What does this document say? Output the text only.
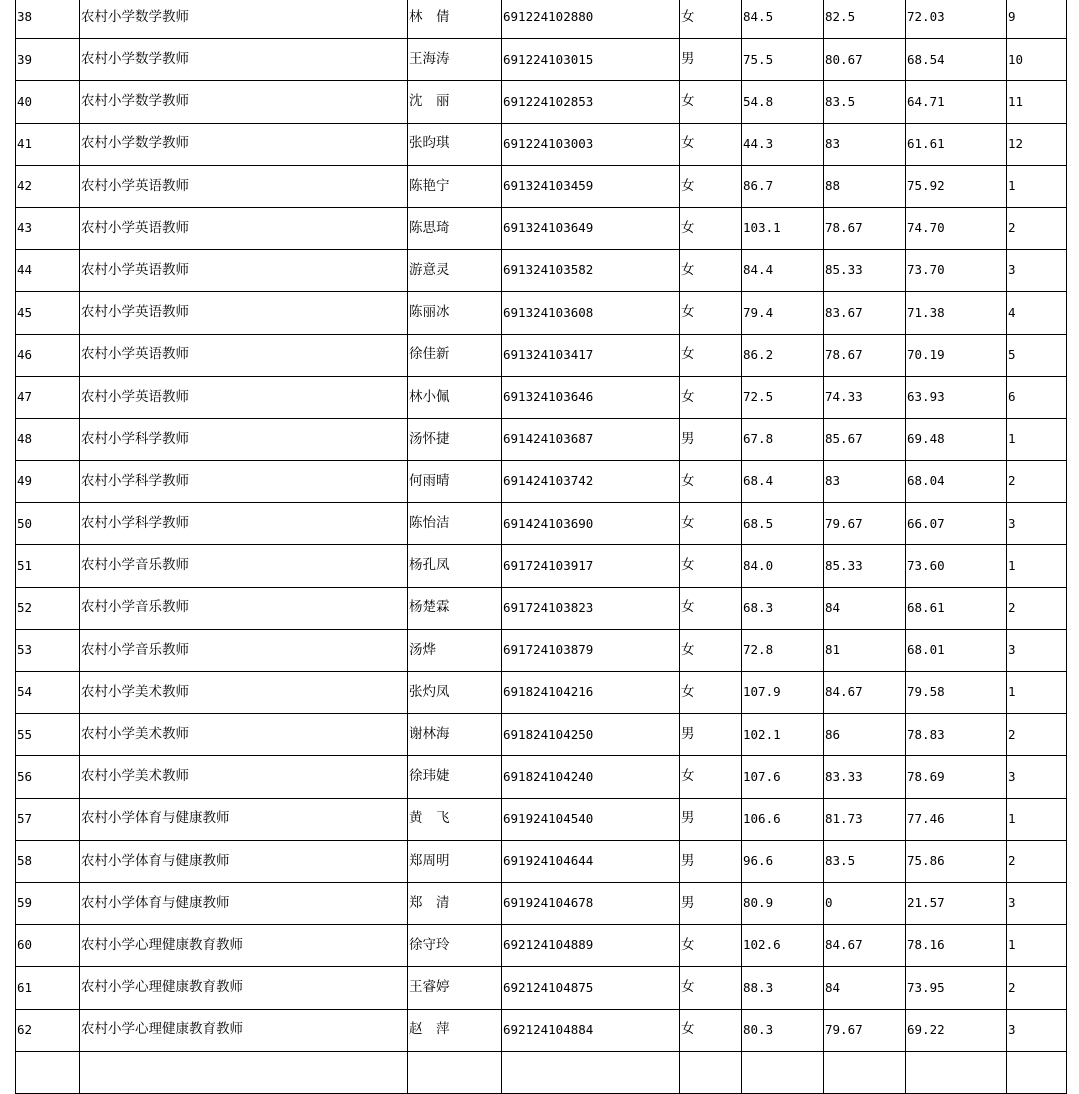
38	农村小学数学教师	林　倩	691224102880	女	84.5	82.5	72.03	9
39	农村小学数学教师	王海涛	691224103015	男	75.5	80.67	68.54	10
40	农村小学数学教师	沈　丽	691224102853	女	54.8	83.5	64.71	11
41	农村小学数学教师	张昀琪	691224103003	女	44.3	83	61.61	12
42	农村小学英语教师	陈艳宁	691324103459	女	86.7	88	75.92	1
43	农村小学英语教师	陈思琦	691324103649	女	103.1	78.67	74.70	2
44	农村小学英语教师	游意灵	691324103582	女	84.4	85.33	73.70	3
45	农村小学英语教师	陈丽冰	691324103608	女	79.4	83.67	71.38	4
46	农村小学英语教师	徐佳新	691324103417	女	86.2	78.67	70.19	5
47	农村小学英语教师	林小佩	691324103646	女	72.5	74.33	63.93	6
48	农村小学科学教师	汤怀捷	691424103687	男	67.8	85.67	69.48	1
49	农村小学科学教师	何雨晴	691424103742	女	68.4	83	68.04	2
50	农村小学科学教师	陈怡洁	691424103690	女	68.5	79.67	66.07	3
51	农村小学音乐教师	杨孔凤	691724103917	女	84.0	85.33	73.60	1
52	农村小学音乐教师	杨楚霖	691724103823	女	68.3	84	68.61	2
53	农村小学音乐教师	汤烨	691724103879	女	72.8	81	68.01	3
54	农村小学美术教师	张灼凤	691824104216	女	107.9	84.67	79.58	1
55	农村小学美术教师	谢林海	691824104250	男	102.1	86	78.83	2
56	农村小学美术教师	徐玮婕	691824104240	女	107.6	83.33	78.69	3
57	农村小学体育与健康教师	黄　飞	691924104540	男	106.6	81.73	77.46	1
58	农村小学体育与健康教师	郑周明	691924104644	男	96.6	83.5	75.86	2
59	农村小学体育与健康教师	郑　清	691924104678	男	80.9	0	21.57	3
60	农村小学心理健康教育教师	徐守玲	692124104889	女	102.6	84.67	78.16	1
61	农村小学心理健康教育教师	王睿婷	692124104875	女	88.3	84	73.95	2
62	农村小学心理健康教育教师	赵　萍	692124104884	女	80.3	79.67	69.22	3
